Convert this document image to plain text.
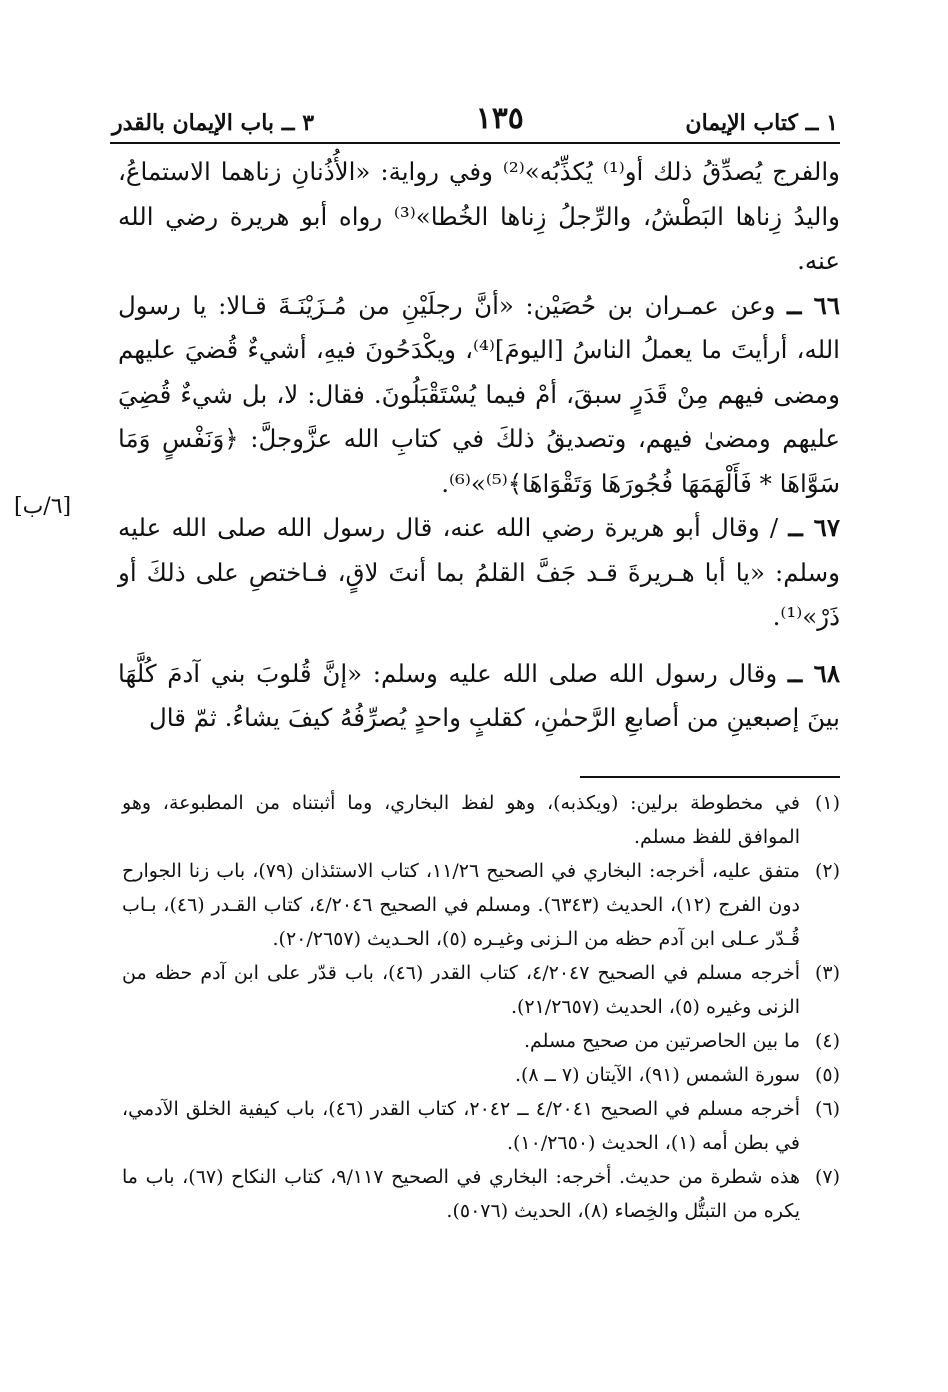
١ ــ كتاب الإيمان
١٣٥
٣ ــ باب الإيمان بالقدر
[٦/ب]

والفرج يُصدِّقُ ذلك أو⁽¹⁾ يُكذِّبُه»⁽²⁾ وفي رواية: «الأُذُنانِ زناهما الاستماعُ، واليدُ زِناها البَطْشُ، والرِّجلُ زِناها الخُطا»⁽³⁾ رواه أبو هريرة رضي الله عنه.

٦٦ ــ وعن عمـران بن حُصَيْن: «أنَّ رجلَيْنِ من مُـزَيْنَـةَ قـالا: يا رسول الله، أرأيتَ ما يعملُ الناسُ [اليومَ]⁽⁴⁾، ويكْدَحُونَ فيهِ، أشيءٌ قُضيَ عليهم ومضى فيهم مِنْ قَدَرٍ سبقَ، أمْ فيما يُسْتَقْبَلُونَ. فقال: لا، بل شيءٌ قُضِيَ عليهم ومضىٰ فيهم، وتصديقُ ذلكَ في كتابِ الله عزَّوجلَّ: ﴿وَنَفْسٍ وَمَا سَوَّاهَا * فَأَلْهَمَهَا فُجُورَهَا وَتَقْوَاهَا﴾⁽⁵⁾»⁽⁶⁾.

٦٧ ــ / وقال أبو هريرة رضي الله عنه، قال رسول الله صلى الله عليه وسلم: «يا أبا هـريرةَ قـد جَفَّ القلمُ بما أنتَ لاقٍ، فـاختصِ على ذلكَ أو ذَرْ»⁽¹⁾.

٦٨ ــ وقال رسول الله صلى الله عليه وسلم: «إنَّ قُلوبَ بني آدمَ كُلَّهَا بينَ إصبعينِ من أصابعِ الرَّحمٰنِ، كقلبٍ واحدٍ يُصرِّفُهُ كيفَ يشاءُ. ثمّ قال

(١)
في مخطوطة برلين: (ويكذبه)، وهو لفظ البخاري، وما أثبتناه من المطبوعة، وهو الموافق للفظ مسلم.
(٢)
متفق عليه، أخرجه: البخاري في الصحيح ١١/٢٦، كتاب الاستئذان (٧٩)، باب زنا الجوارح دون الفرج (١٢)، الحديث (٦٣٤٣). ومسلم في الصحيح ٤/٢٠٤٦، كتاب القـدر (٤٦)، بـاب قُـدّر عـلى ابن آدم حظه من الـزنى وغيـره (٥)، الحـديث (٢٠/٢٦٥٧).
(٣)
أخرجه مسلم في الصحيح ٤/٢٠٤٧، كتاب القدر (٤٦)، باب قدّر على ابن آدم حظه من الزنى وغيره (٥)، الحديث (٢١/٢٦٥٧).
(٤)
ما بين الحاصرتين من صحيح مسلم.
(٥)
سورة الشمس (٩١)، الآيتان (٧ ــ ٨).
(٦)
أخرجه مسلم في الصحيح ٤/٢٠٤١ ــ ٢٠٤٢، كتاب القدر (٤٦)، باب كيفية الخلق الآدمي، في بطن أمه (١)، الحديث (١٠/٢٦٥٠).
(٧)
هذه شطرة من حديث. أخرجه: البخاري في الصحيح ٩/١١٧، كتاب النكاح (٦٧)، باب ما يكره من التبتُّل والخِصاء (٨)، الحديث (٥٠٧٦).
